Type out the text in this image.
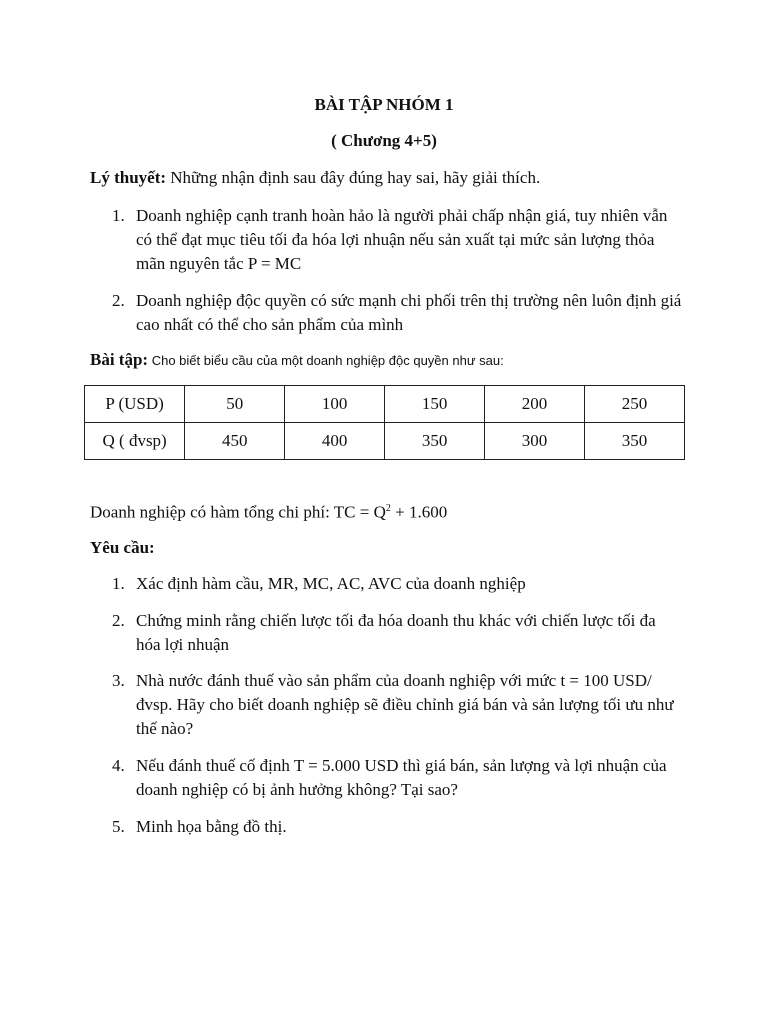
BÀI TẬP NHÓM 1
( Chương 4+5)
Lý thuyết: Những nhận định sau đây đúng hay sai, hãy giải thích.
1. Doanh nghiệp cạnh tranh hoàn hảo là người phải chấp nhận giá, tuy nhiên vẫn có thể đạt mục tiêu tối đa hóa lợi nhuận nếu sản xuất tại mức sản lượng thỏa mãn nguyên tắc P = MC
2. Doanh nghiệp độc quyền có sức mạnh chi phối trên thị trường nên luôn định giá cao nhất có thể cho sản phẩm của mình
Bài tập: Cho biết biểu cầu của một doanh nghiệp độc quyền như sau:
P (USD)	50	100	150	200	250
Q ( đvsp)	450	400	350	300	350
Doanh nghiệp có hàm tổng chi phí: TC = $Q^2 + 1.600$
Yêu cầu:
1. Xác định hàm cầu, MR, MC, AC, AVC của doanh nghiệp
2. Chứng minh rằng chiến lược tối đa hóa doanh thu khác với chiến lược tối đa hóa lợi nhuận
3. Nhà nước đánh thuế vào sản phẩm của doanh nghiệp với mức t = 100 USD/ đvsp. Hãy cho biết doanh nghiệp sẽ điều chỉnh giá bán và sản lượng tối ưu như thế nào?
4. Nếu đánh thuế cố định T = 5.000 USD thì giá bán, sản lượng và lợi nhuận của doanh nghiệp có bị ảnh hưởng không? Tại sao?
5. Minh họa bằng đồ thị.
